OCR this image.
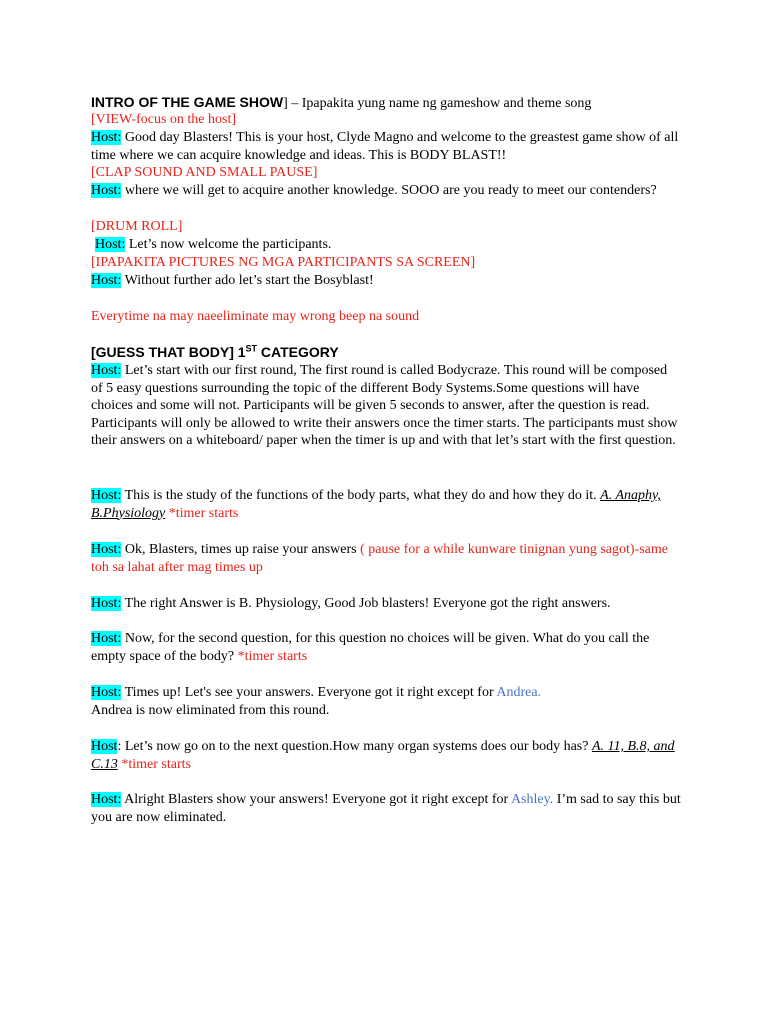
INTRO OF THE GAME SHOW] – Ipapakita yung name ng gameshow and theme song

[VIEW-focus on the host]

Host: Good day Blasters! This is your host, Clyde Magno and welcome to the greastest game show of all time where we can acquire knowledge and ideas. This is BODY BLAST!!

[CLAP SOUND AND SMALL PAUSE]

Host: where we will get to acquire another knowledge. SOOO are you ready to meet our contenders?

[DRUM ROLL]

Host: Let’s now welcome the participants.

[IPAPAKITA PICTURES NG MGA PARTICIPANTS SA SCREEN]

Host: Without further ado let’s start the Bosyblast!

Everytime na may naeeliminate may wrong beep na sound

[GUESS THAT BODY] 1ST CATEGORY

Host: Let’s start with our first round, The first round is called Bodycraze. This round will be composed of 5 easy questions surrounding the topic of the different Body Systems.Some questions will have choices and some will not. Participants will be given 5 seconds to answer, after the question is read. Participants will only be allowed to write their answers once the timer starts. The participants must show their answers on a whiteboard/ paper when the timer is up and with that let’s start with the first question.

Host: This is the study of the functions of the body parts, what they do and how they do it. A. Anaphy, B.Physiology *timer starts

Host: Ok, Blasters, times up raise your answers ( pause for a while kunware tinignan yung sagot)-same toh sa lahat after mag times up

Host: The right Answer is B. Physiology, Good Job blasters! Everyone got the right answers.

Host: Now, for the second question, for this question no choices will be given. What do you call the empty space of the body? *timer starts

Host: Times up! Let's see your answers. Everyone got it right except for Andrea.
Andrea is now eliminated from this round.

Host: Let’s now go on to the next question.How many organ systems does our body has? A. 11, B.8, and C.13 *timer starts

Host: Alright Blasters show your answers! Everyone got it right except for Ashley. I’m sad to say this but you are now eliminated.
